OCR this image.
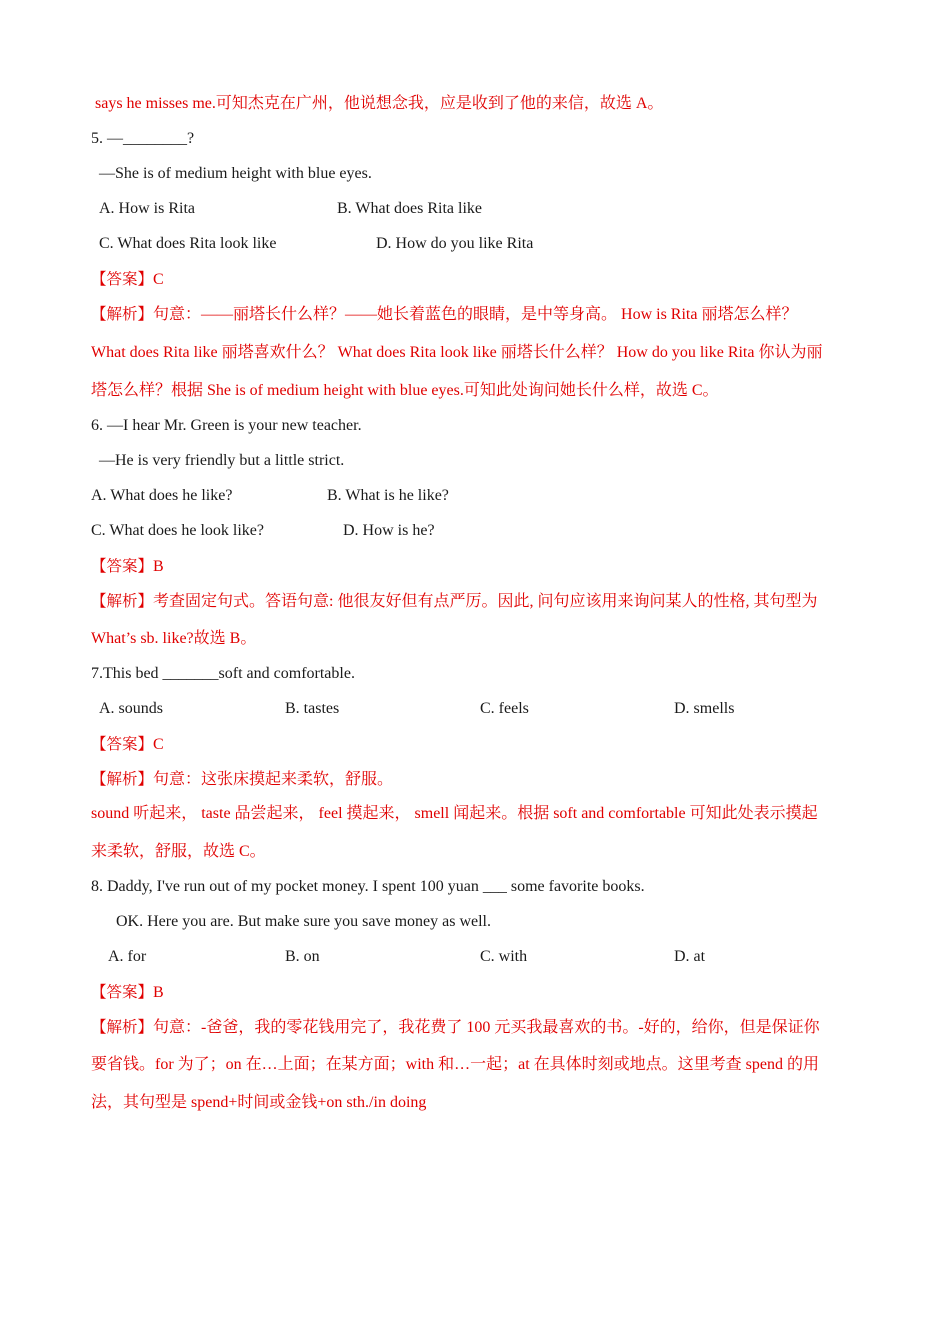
says he misses me.可知杰克在广州，他说想念我，应是收到了他的来信，故选 A。
5. —________?
—She is of medium height with blue eyes.
A. How is Rita	B. What does Rita like
C. What does Rita look like	D. How do you like Rita
【答案】C
【解析】句意：——丽塔长什么样？——她长着蓝色的眼睛，是中等身高。 How is Rita 丽塔怎么样？
What does Rita like 丽塔喜欢什么？ What does Rita look like 丽塔长什么样？ How do you like Rita 你认为丽
塔怎么样？根据 She is of medium height with blue eyes.可知此处询问她长什么样，故选 C。
6. —I hear Mr. Green is your new teacher.
—He is very friendly but a little strict.
A. What does he like?	B. What is he like?
C. What does he look like?	D. How is he?
【答案】B
【解析】考查固定句式。答语句意: 他很友好但有点严厉。因此, 问句应该用来询问某人的性格, 其句型为
What’s sb. like?故选 B。
7.This bed _______soft and comfortable.
A. sounds	B. tastes	C. feels	D. smells
【答案】C
【解析】句意：这张床摸起来柔软，舒服。
sound 听起来， taste 品尝起来， feel 摸起来， smell 闻起来。根据 soft and comfortable 可知此处表示摸起
来柔软，舒服，故选 C。
8. Daddy, I've run out of my pocket money. I spent 100 yuan ___ some favorite books.
OK. Here you are. But make sure you save money as well.
A. for	B. on	C. with	D. at
【答案】B
【解析】句意：-爸爸，我的零花钱用完了，我花费了 100 元买我最喜欢的书。-好的，给你，但是保证你
要省钱。for 为了；on 在…上面；在某方面；with 和…一起；at 在具体时刻或地点。这里考查 spend 的用
法，其句型是 spend+时间或金钱+on sth./in doing
